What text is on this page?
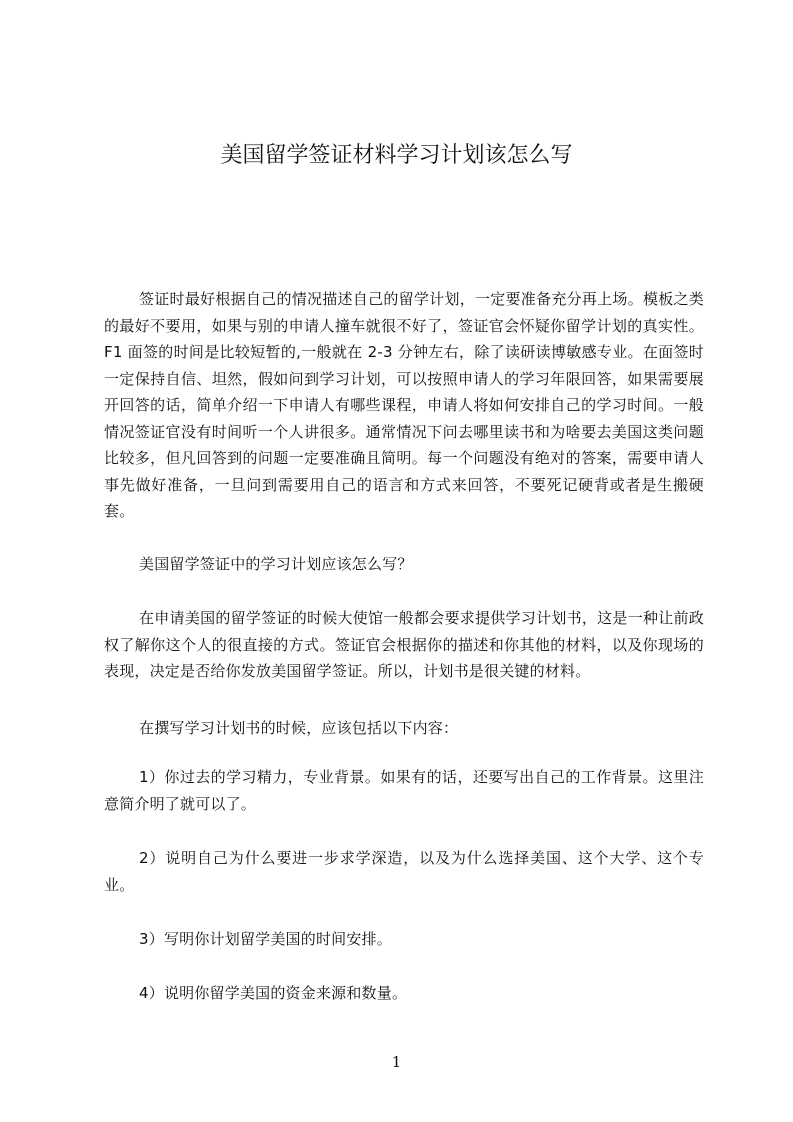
美国留学签证材料学习计划该怎么写

签证时最好根据自己的情况描述自己的留学计划，一定要准备充分再上场。模板之类的最好不要用，如果与别的申请人撞车就很不好了，签证官会怀疑你留学计划的真实性。F1 面签的时间是比较短暂的,一般就在 2-3 分钟左右，除了读研读博敏感专业。在面签时一定保持自信、坦然，假如问到学习计划，可以按照申请人的学习年限回答，如果需要展开回答的话，简单介绍一下申请人有哪些课程，申请人将如何安排自己的学习时间。一般情况签证官没有时间听一个人讲很多。通常情况下问去哪里读书和为啥要去美国这类问题比较多，但凡回答到的问题一定要准确且简明。每一个问题没有绝对的答案，需要申请人事先做好准备，一旦问到需要用自己的语言和方式来回答，不要死记硬背或者是生搬硬套。

美国留学签证中的学习计划应该怎么写？

在申请美国的留学签证的时候大使馆一般都会要求提供学习计划书，这是一种让前政权了解你这个人的很直接的方式。签证官会根据你的描述和你其他的材料，以及你现场的表现，决定是否给你发放美国留学签证。所以，计划书是很关键的材料。

在撰写学习计划书的时候，应该包括以下内容：

1）你过去的学习精力，专业背景。如果有的话，还要写出自己的工作背景。这里注意简介明了就可以了。

2）说明自己为什么要进一步求学深造，以及为什么选择美国、这个大学、这个专业。

3）写明你计划留学美国的时间安排。

4）说明你留学美国的资金来源和数量。

1
